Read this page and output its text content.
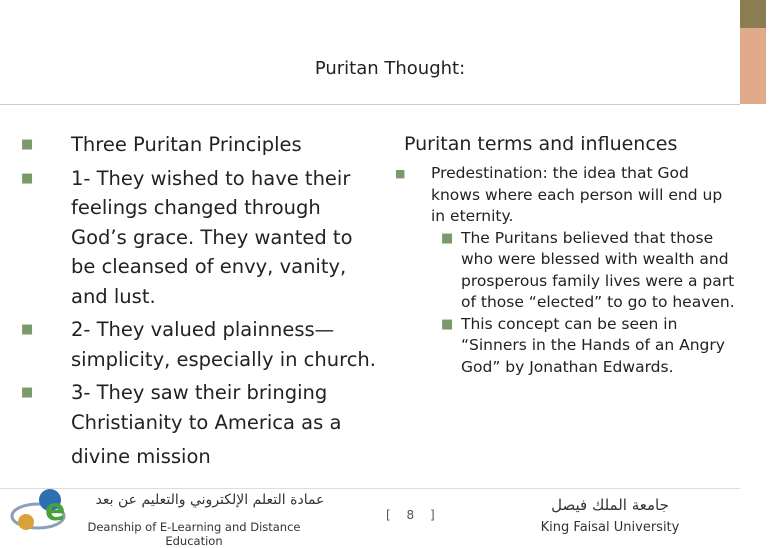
Puritan Thought:
■ Three Puritan Principles
■ 1- They wished to have their feelings changed through God’s grace. They wanted to be cleansed of envy, vanity, and lust.
■ 2- They valued plainness—simplicity, especially in church.
■ 3- They saw their bringing Christianity to America as a
divine mission
Puritan terms and influences
■ Predestination: the idea that God knows where each person will end up in eternity.
■ The Puritans believed that those who were blessed with wealth and prosperous family lives were a part of those “elected” to go to heaven.
■ This concept can be seen in “Sinners in the Hands of an Angry God” by Jonathan Edwards.
e	عمادة التعلم الإلكتروني والتعليم عن بعد
Deanship of E-Learning and Distance Education
[ 8 ]
جامعة الملك فيصل
King Faisal University
